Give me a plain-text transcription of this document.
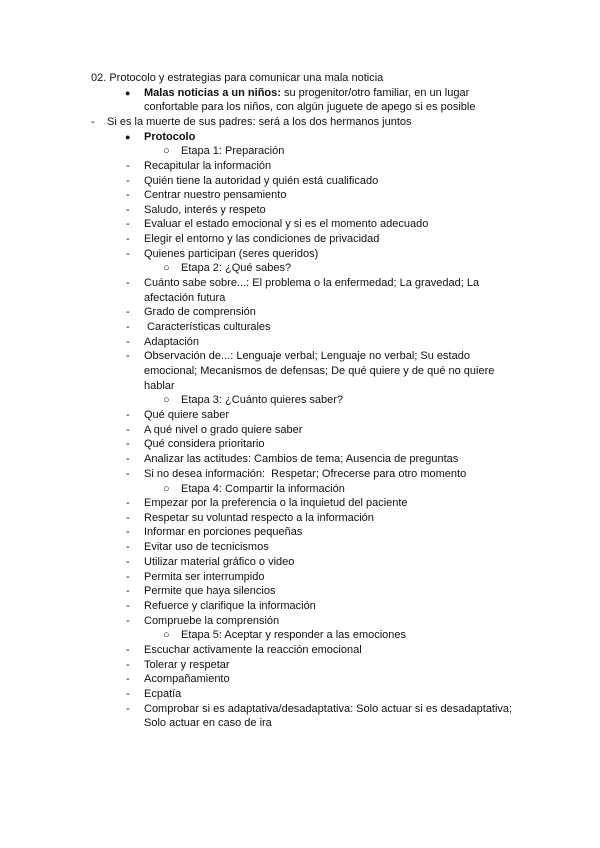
02. Protocolo y estrategias para comunicar una mala noticia
● Malas noticias a un niños: su progenitor/otro familiar, en un lugar
confortable para los niños, con algún juguete de apego si es posible
- Si es la muerte de sus padres: será a los dos hermanos juntos
● Protocolo
○ Etapa 1: Preparación
- Recapitular la información
- Quién tiene la autoridad y quién está cualificado
- Centrar nuestro pensamiento
- Saludo, interés y respeto
- Evaluar el estado emocional y si es el momento adecuado
- Elegir el entorno y las condiciones de privacidad
- Quienes participan (seres queridos)
○ Etapa 2: ¿Qué sabes?
- Cuánto sabe sobre...: El problema o la enfermedad; La gravedad; La
afectación futura
- Grado de comprensión
- Características culturales
- Adaptación
- Observación de...: Lenguaje verbal; Lenguaje no verbal; Su estado
emocional; Mecanismos de defensas; De qué quiere y de qué no quiere
hablar
○ Etapa 3: ¿Cuánto quieres saber?
- Qué quiere saber
- A qué nivel o grado quiere saber
- Qué considera prioritario
- Analizar las actitudes: Cambios de tema; Ausencia de preguntas
- Si no desea información:  Respetar; Ofrecerse para otro momento
○ Etapa 4: Compartir la información
- Empezar por la preferencia o la inquietud del paciente
- Respetar su voluntad respecto a la información
- Informar en porciones pequeñas
- Evitar uso de tecnicismos
- Utilizar material gráfico o video
- Permita ser interrumpido
- Permite que haya silencios
- Refuerce y clarifique la información
- Compruebe la comprensión
○ Etapa 5: Aceptar y responder a las emociones
- Escuchar activamente la reacción emocional
- Tolerar y respetar
- Acompañamiento
- Ecpatía
- Comprobar si es adaptativa/desadaptativa: Solo actuar si es desadaptativa;
Solo actuar en caso de ira
